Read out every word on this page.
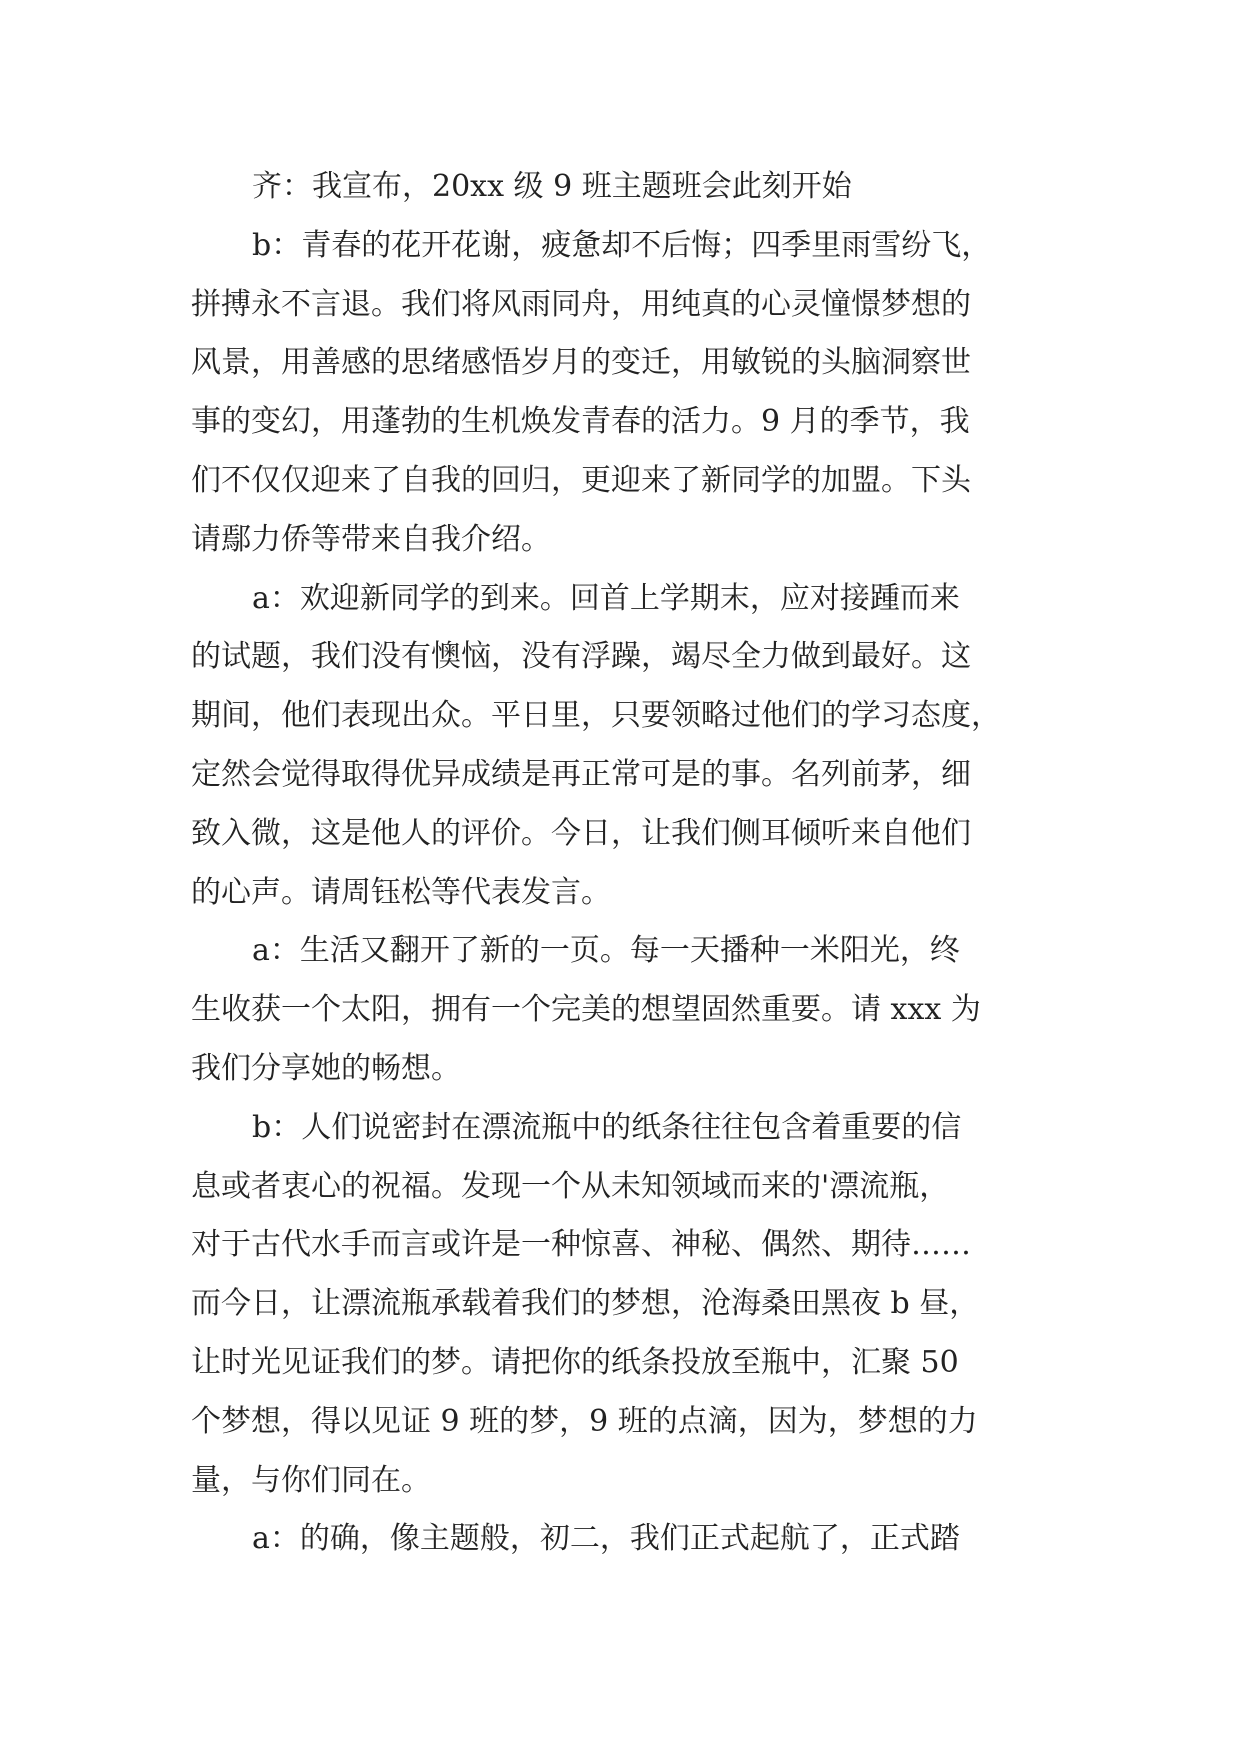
齐：我宣布，20xx 级 9 班主题班会此刻开始
b：青春的花开花谢，疲惫却不后悔；四季里雨雪纷飞，
拼搏永不言退。我们将风雨同舟，用纯真的心灵憧憬梦想的
风景，用善感的思绪感悟岁月的变迁，用敏锐的头脑洞察世
事的变幻，用蓬勃的生机焕发青春的活力。9 月的季节，我
们不仅仅迎来了自我的回归，更迎来了新同学的加盟。下头
请鄢力侨等带来自我介绍。
a：欢迎新同学的到来。回首上学期末，应对接踵而来
的试题，我们没有懊恼，没有浮躁，竭尽全力做到最好。这
期间，他们表现出众。平日里，只要领略过他们的学习态度，
定然会觉得取得优异成绩是再正常可是的事。名列前茅，细
致入微，这是他人的评价。今日，让我们侧耳倾听来自他们
的心声。请周钰松等代表发言。
a：生活又翻开了新的一页。每一天播种一米阳光，终
生收获一个太阳，拥有一个完美的想望固然重要。请 xxx 为
我们分享她的畅想。
b：人们说密封在漂流瓶中的纸条往往包含着重要的信
息或者衷心的祝福。发现一个从未知领域而来的'漂流瓶，
对于古代水手而言或许是一种惊喜、神秘、偶然、期待……
而今日，让漂流瓶承载着我们的梦想，沧海桑田黑夜 b 昼，
让时光见证我们的梦。请把你的纸条投放至瓶中，汇聚 50
个梦想，得以见证 9 班的梦，9 班的点滴，因为，梦想的力
量，与你们同在。
a：的确，像主题般，初二，我们正式起航了，正式踏
